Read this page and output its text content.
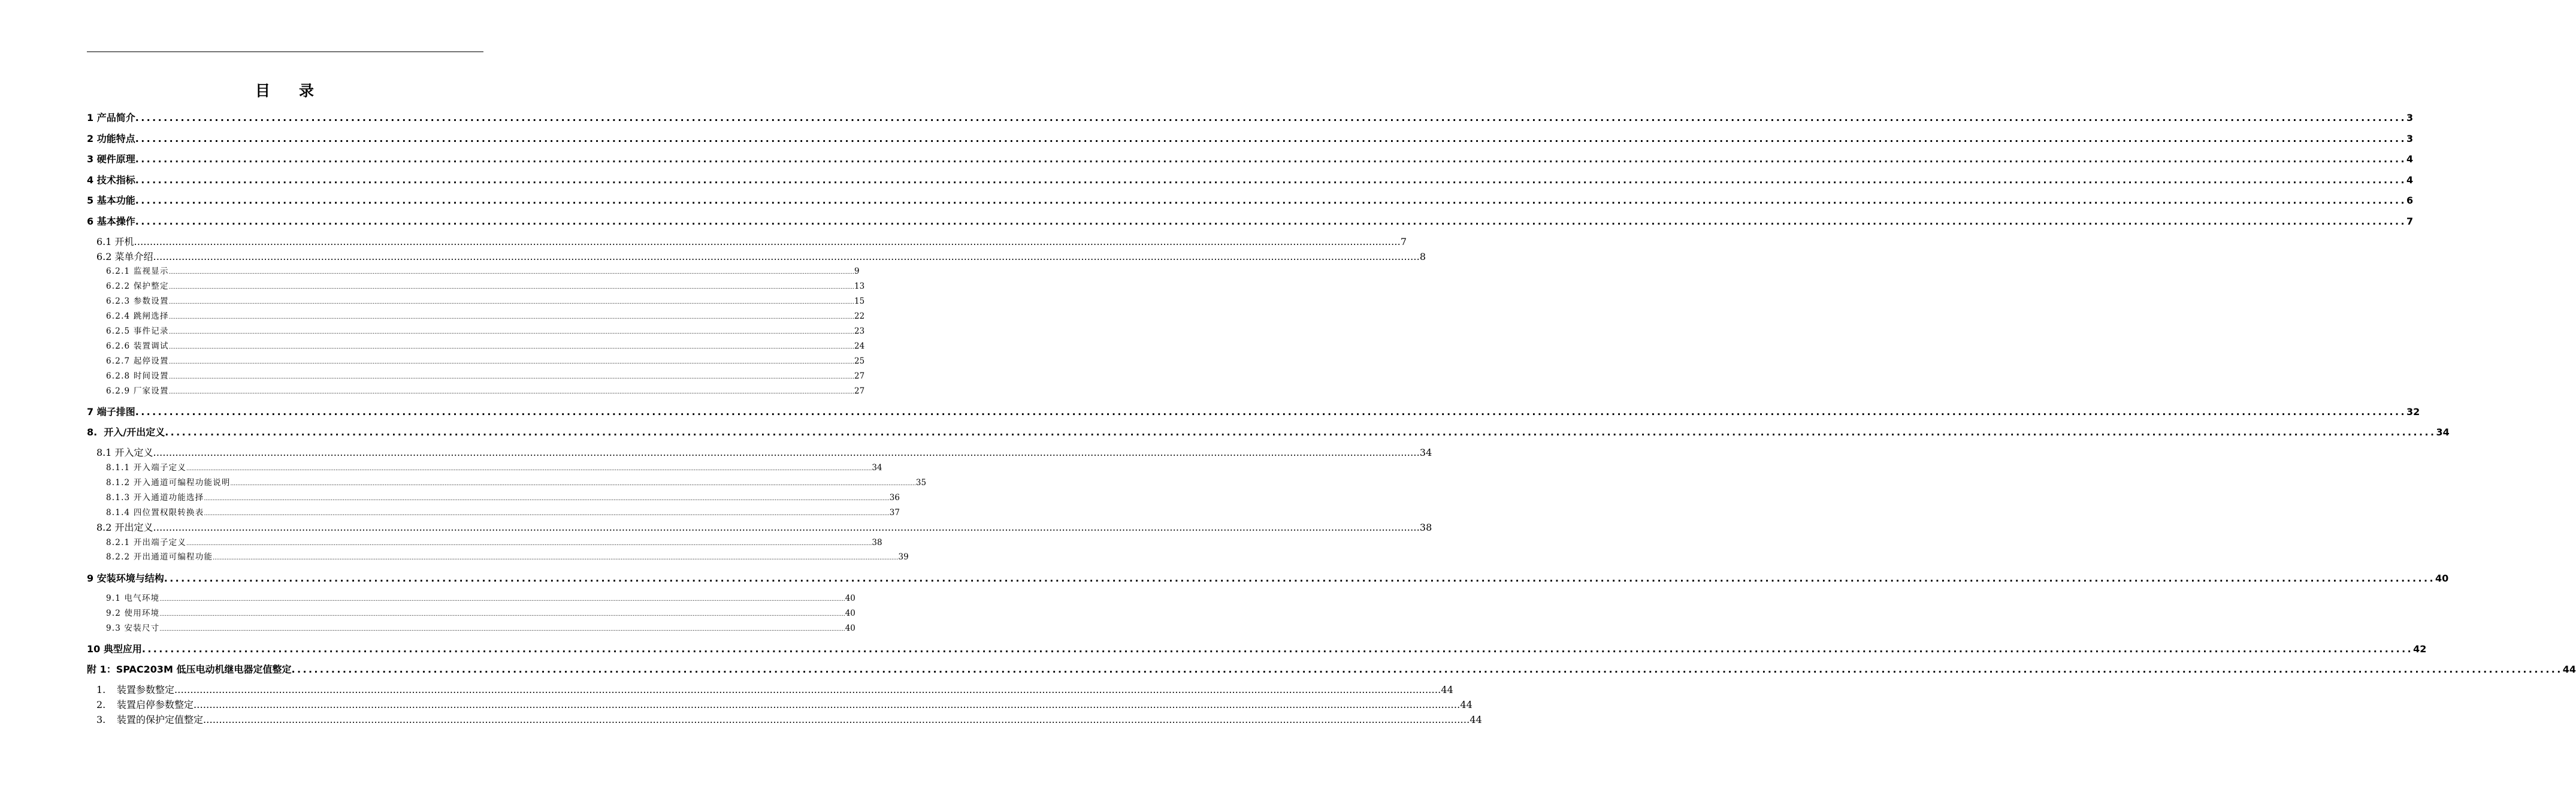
目 录
1 产品简介 ................................................................................................................................................................................................................................................................................................................................................................................................................ 3
2 功能特点 ................................................................................................................................................................................................................................................................................................................................................................................................................ 3
3 硬件原理 ................................................................................................................................................................................................................................................................................................................................................................................................................ 4
4 技术指标 ................................................................................................................................................................................................................................................................................................................................................................................................................ 4
5 基本功能 ................................................................................................................................................................................................................................................................................................................................................................................................................ 6
6 基本操作 ................................................................................................................................................................................................................................................................................................................................................................................................................ 7
6.1 开机 ................................................................................................................................................................................................................................................................................................................................................................................................................ 7
6.2 菜单介绍 ................................................................................................................................................................................................................................................................................................................................................................................................................ 8
6.2.1 监视显示 ................................................................................................................................................................................................................................................................................................................................................................................................................ 9
6.2.2 保护整定 ................................................................................................................................................................................................................................................................................................................................................................................................................ 13
6.2.3 参数设置 ................................................................................................................................................................................................................................................................................................................................................................................................................ 15
6.2.4 跳闸选择 ................................................................................................................................................................................................................................................................................................................................................................................................................ 22
6.2.5 事件记录 ................................................................................................................................................................................................................................................................................................................................................................................................................ 23
6.2.6 装置调试 ................................................................................................................................................................................................................................................................................................................................................................................................................ 24
6.2.7 起停设置 ................................................................................................................................................................................................................................................................................................................................................................................................................ 25
6.2.8 时间设置 ................................................................................................................................................................................................................................................................................................................................................................................................................ 27
6.2.9 厂家设置 ................................................................................................................................................................................................................................................................................................................................................................................................................ 27
7 端子排图 ................................................................................................................................................................................................................................................................................................................................................................................................................ 32
8.  开入/开出定义 ................................................................................................................................................................................................................................................................................................................................................................................................................ 34
8.1 开入定义 ................................................................................................................................................................................................................................................................................................................................................................................................................ 34
8.1.1 开入端子定义 ................................................................................................................................................................................................................................................................................................................................................................................................................ 34
8.1.2 开入通道可编程功能说明 ................................................................................................................................................................................................................................................................................................................................................................................................................ 35
8.1.3 开入通道功能选择 ................................................................................................................................................................................................................................................................................................................................................................................................................ 36
8.1.4 四位置权限转换表 ................................................................................................................................................................................................................................................................................................................................................................................................................ 37
8.2 开出定义 ................................................................................................................................................................................................................................................................................................................................................................................................................ 38
8.2.1 开出端子定义 ................................................................................................................................................................................................................................................................................................................................................................................................................ 38
8.2.2 开出通道可编程功能 ................................................................................................................................................................................................................................................................................................................................................................................................................ 39
9 安装环境与结构 ................................................................................................................................................................................................................................................................................................................................................................................................................ 40
9.1 电气环境 ................................................................................................................................................................................................................................................................................................................................................................................................................ 40
9.2 使用环境 ................................................................................................................................................................................................................................................................................................................................................................................................................ 40
9.3 安装尺寸 ................................................................................................................................................................................................................................................................................................................................................................................................................ 40
10 典型应用 ................................................................................................................................................................................................................................................................................................................................................................................................................ 42
附 1：SPAC203M 低压电动机继电器定值整定 ................................................................................................................................................................................................................................................................................................................................................................................................................ 44
1. 装置参数整定 ................................................................................................................................................................................................................................................................................................................................................................................................................ 44
2. 装置启停参数整定 ................................................................................................................................................................................................................................................................................................................................................................................................................ 44
3. 装置的保护定值整定 ................................................................................................................................................................................................................................................................................................................................................................................................................ 44
